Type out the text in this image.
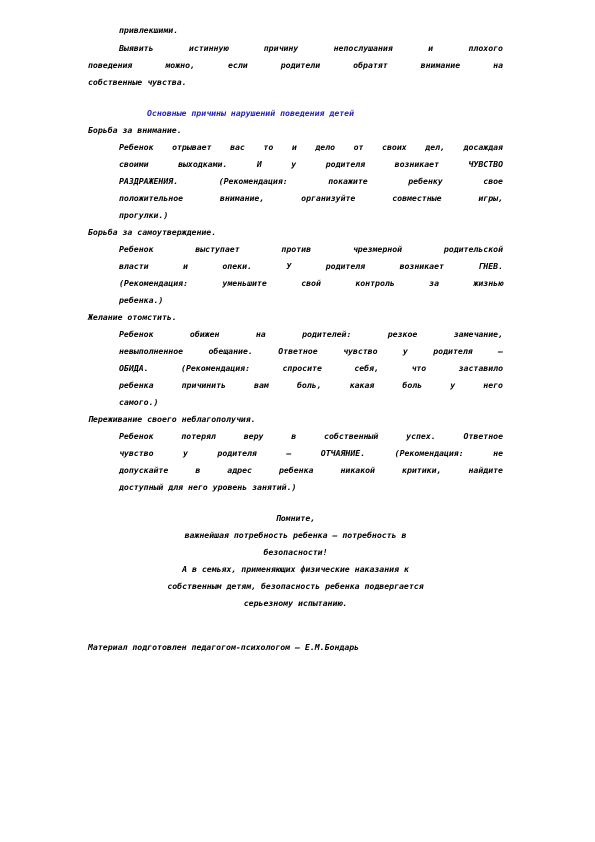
привлекшими.
Выявить истинную причину непослушания и плохого
поведения можно, если родители обратят внимание на
собственные чувства.
Основные причины нарушений поведения детей
Борьба за внимание.
Ребенок отрывает вас то и дело от своих дел, досаждая
своими выходками. И у родителя возникает ЧУВСТВО
РАЗДРАЖЕНИЯ. (Рекомендация: покажите ребенку свое
положительное внимание, организуйте совместные игры,
прогулки.)
Борьба за самоутверждение.
Ребенок выступает против чрезмерной родительской
власти и опеки. У родителя возникает ГНЕВ.
(Рекомендация: уменьшите свой контроль за жизнью
ребенка.)
Желание отомстить.
Ребенок обижен на родителей: резкое замечание,
невыполненное обещание. Ответное чувство у родителя –
ОБИДА. (Рекомендация: спросите себя, что заставило
ребенка причинить вам боль, какая боль у него
самого.)
Переживание своего неблагополучия.
Ребенок потерял веру в собственный успех. Ответное
чувство у родителя – ОТЧАЯНИЕ. (Рекомендация: не
допускайте в адрес ребенка никакой критики, найдите
доступный для него уровень занятий.)
Помните,
важнейшая потребность ребенка – потребность в
безопасности!
А в семьях, применяющих физические наказания к
собственным детям, безопасность ребенка подвергается
серьезному испытанию.
Материал подготовлен педагогом-психологом – Е.М.Бондарь
